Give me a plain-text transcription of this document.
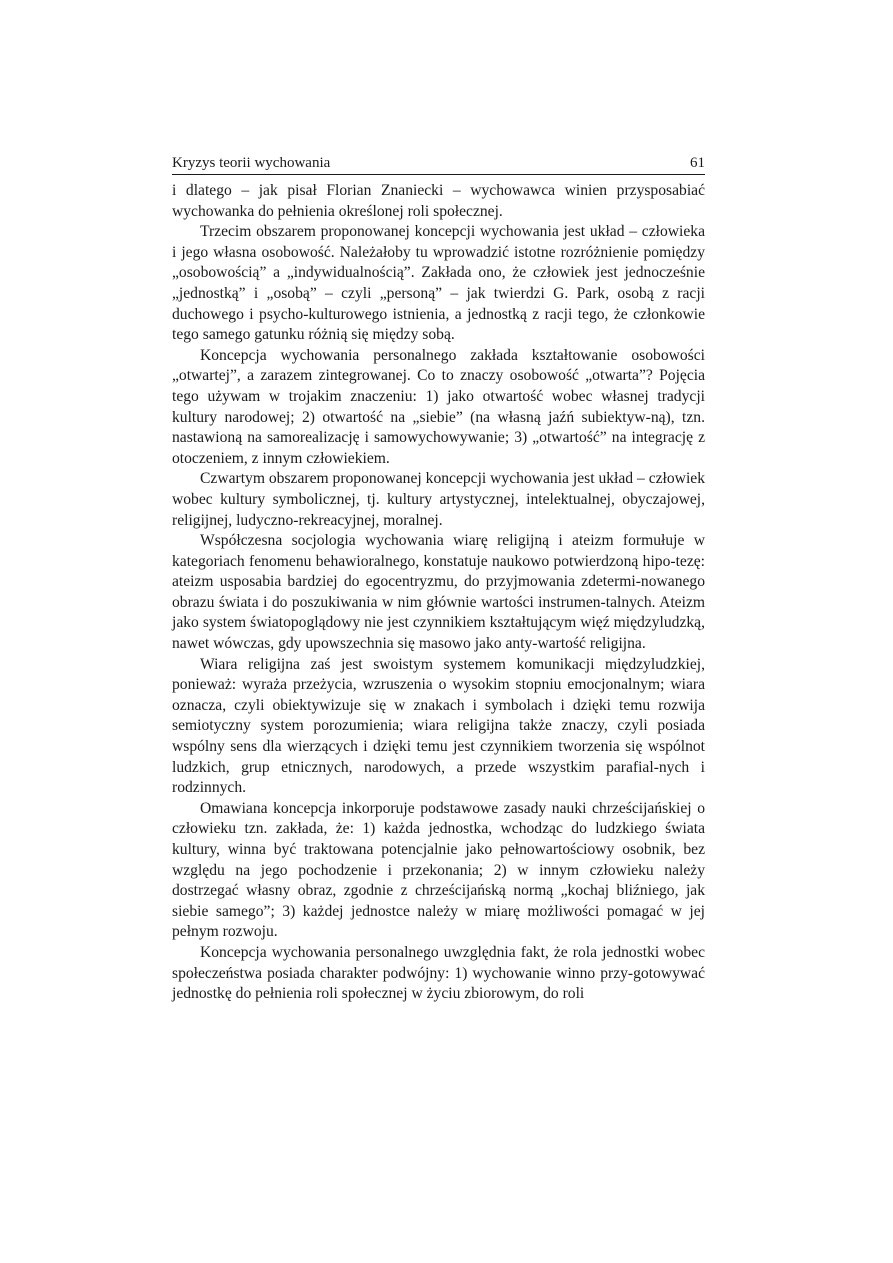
Kryzys teorii wychowania	61

i dlatego – jak pisał Florian Znaniecki – wychowawca winien przysposabiać wychowanka do pełnienia określonej roli społecznej.

Trzecim obszarem proponowanej koncepcji wychowania jest układ – człowieka i jego własna osobowość. Należałoby tu wprowadzić istotne rozróżnienie pomiędzy „osobowością” a „indywidualnością”. Zakłada ono, że człowiek jest jednocześnie „jednostką” i „osobą” – czyli „personą” – jak twierdzi G. Park, osobą z racji duchowego i psycho-kulturowego istnienia, a jednostką z racji tego, że członkowie tego samego gatunku różnią się między sobą.

Koncepcja wychowania personalnego zakłada kształtowanie osobowości „otwartej”, a zarazem zintegrowanej. Co to znaczy osobowość „otwarta”? Pojęcia tego używam w trojakim znaczeniu: 1) jako otwartość wobec własnej tradycji kultury narodowej; 2) otwartość na „siebie” (na własną jaźń subiektyw-ną), tzn. nastawioną na samorealizację i samowychowywanie; 3) „otwartość” na integrację z otoczeniem, z innym człowiekiem.

Czwartym obszarem proponowanej koncepcji wychowania jest układ – człowiek wobec kultury symbolicznej, tj. kultury artystycznej, intelektualnej, obyczajowej, religijnej, ludyczno-rekreacyjnej, moralnej.

Współczesna socjologia wychowania wiarę religijną i ateizm formułuje w kategoriach fenomenu behawioralnego, konstatuje naukowo potwierdzoną hipo-tezę: ateizm usposabia bardziej do egocentryzmu, do przyjmowania zdetermi-nowanego obrazu świata i do poszukiwania w nim głównie wartości instrumen-talnych. Ateizm jako system światopoglądowy nie jest czynnikiem kształtującym więź międzyludzką, nawet wówczas, gdy upowszechnia się masowo jako anty-wartość religijna.

Wiara religijna zaś jest swoistym systemem komunikacji międzyludzkiej, ponieważ: wyraża przeżycia, wzruszenia o wysokim stopniu emocjonalnym; wiara oznacza, czyli obiektywizuje się w znakach i symbolach i dzięki temu rozwija semiotyczny system porozumienia; wiara religijna także znaczy, czyli posiada wspólny sens dla wierzących i dzięki temu jest czynnikiem tworzenia się wspólnot ludzkich, grup etnicznych, narodowych, a przede wszystkim parafial-nych i rodzinnych.

Omawiana koncepcja inkorporuje podstawowe zasady nauki chrześcijańskiej o człowieku tzn. zakłada, że: 1) każda jednostka, wchodząc do ludzkiego świata kultury, winna być traktowana potencjalnie jako pełnowartościowy osobnik, bez względu na jego pochodzenie i przekonania; 2) w innym człowieku należy dostrzegać własny obraz, zgodnie z chrześcijańską normą „kochaj bliźniego, jak siebie samego”; 3) każdej jednostce należy w miarę możliwości pomagać w jej pełnym rozwoju.

Koncepcja wychowania personalnego uwzględnia fakt, że rola jednostki wobec społeczeństwa posiada charakter podwójny: 1) wychowanie winno przy-gotowywać jednostkę do pełnienia roli społecznej w życiu zbiorowym, do roli
